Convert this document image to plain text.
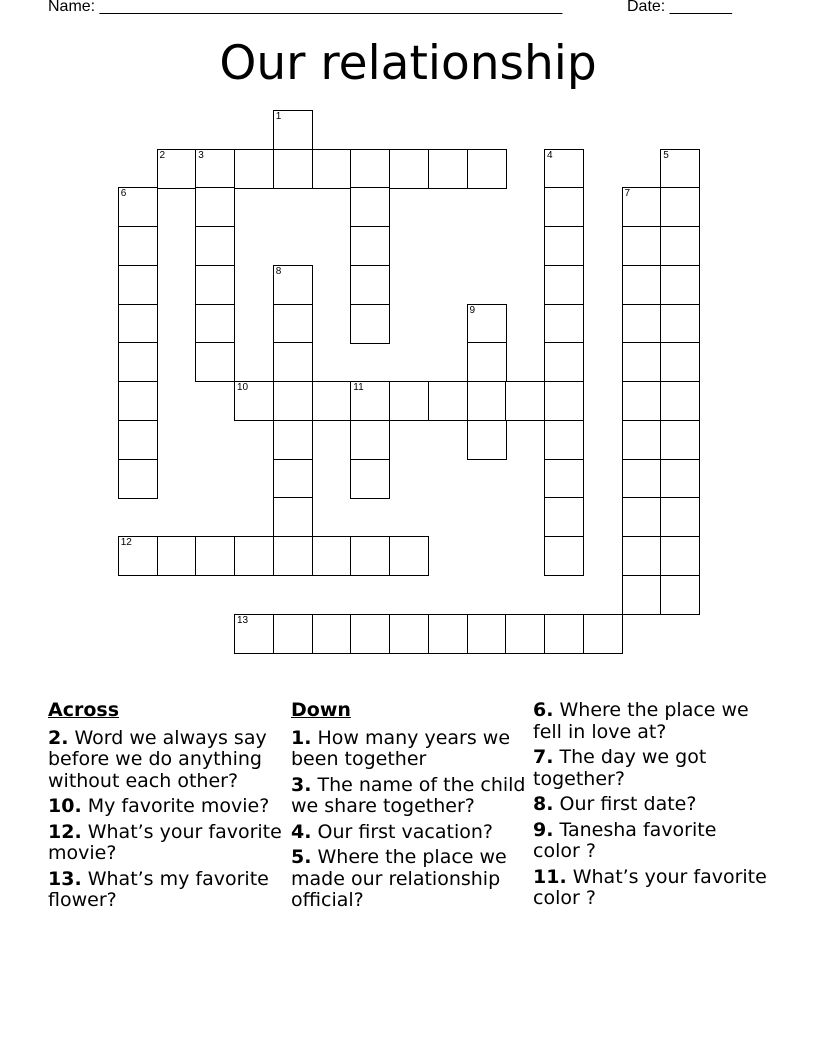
Name: ____________________________________________________	Date: _______
Our relationship
1
2	3	4	5
6	7
8
9
10	11
12
13
Across
2. Word we always say before we do anything without each other?
10. My favorite movie?
12. What’s your favorite movie?
13. What’s my favorite flower?
Down
1. How many years we been together
3. The name of the child we share together?
4. Our first vacation?
5. Where the place we made our relationship official?
6. Where the place we fell in love at?
7. The day we got together?
8. Our first date?
9. Tanesha favorite color ?
11. What’s your favorite color ?
